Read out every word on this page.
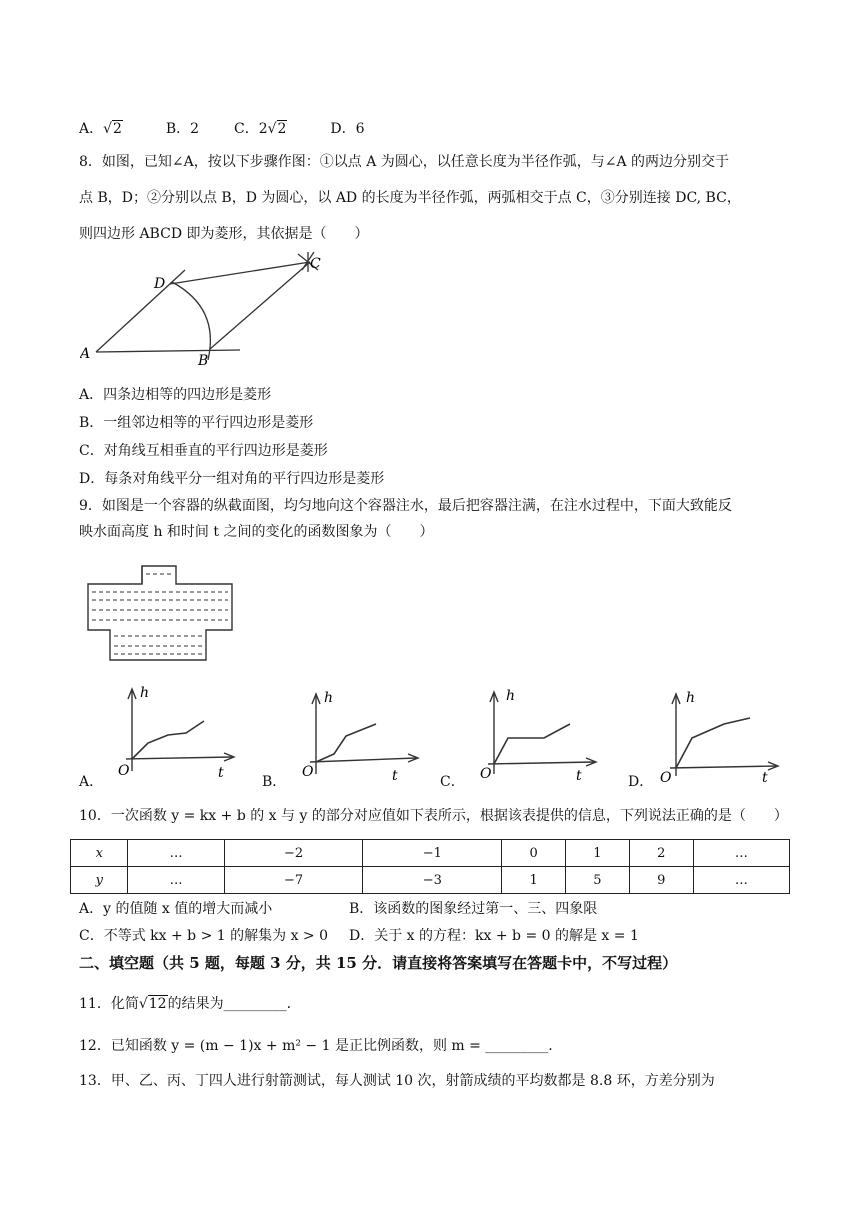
A．√2	B．2 C．2√2	D．6
8．如图，已知∠A，按以下步骤作图：①以点 A 为圆心，以任意长度为半径作弧，与∠A 的两边分别交于
点 B，D；②分别以点 B，D 为圆心，以 AD 的长度为半径作弧，两弧相交于点 C，③分别连接 DC, BC，
则四边形 ABCD 即为菱形，其依据是（　　）
A
D
B
C
A．四条边相等的四边形是菱形
B．一组邻边相等的平行四边形是菱形
C．对角线互相垂直的平行四边形是菱形
D．每条对角线平分一组对角的平行四边形是菱形
9．如图是一个容器的纵截面图，均匀地向这个容器注水，最后把容器注满，在注水过程中，下面大致能反
映水面高度 h 和时间 t 之间的变化的函数图象为（　　）
A．
h
t
O
B．
h
t
O
C．
h
t
O	D．
h
t
O
10．一次函数 y = kx + b 的 x 与 y 的部分对应值如下表所示，根据该表提供的信息，下列说法正确的是（　　）
x	…	−2	−1	0	1	2	…
y	…	−7	−3	1	5	9	…
A．y 的值随 x 值的增大而减小	B．该函数的图象经过第一、三、四象限
C．不等式 kx + b > 1 的解集为 x > 0 D．关于 x 的方程：kx + b = 0 的解是 x = 1
二、填空题（共 5 题，每题 3 分，共 15 分．请直接将答案填写在答题卡中，不写过程）
11．化简√12的结果为_________.
12．已知函数 y = (m − 1)x + m² − 1 是正比例函数，则 m = _________.
13．甲、乙、丙、丁四人进行射箭测试，每人测试 10 次，射箭成绩的平均数都是 8.8 环，方差分别为
